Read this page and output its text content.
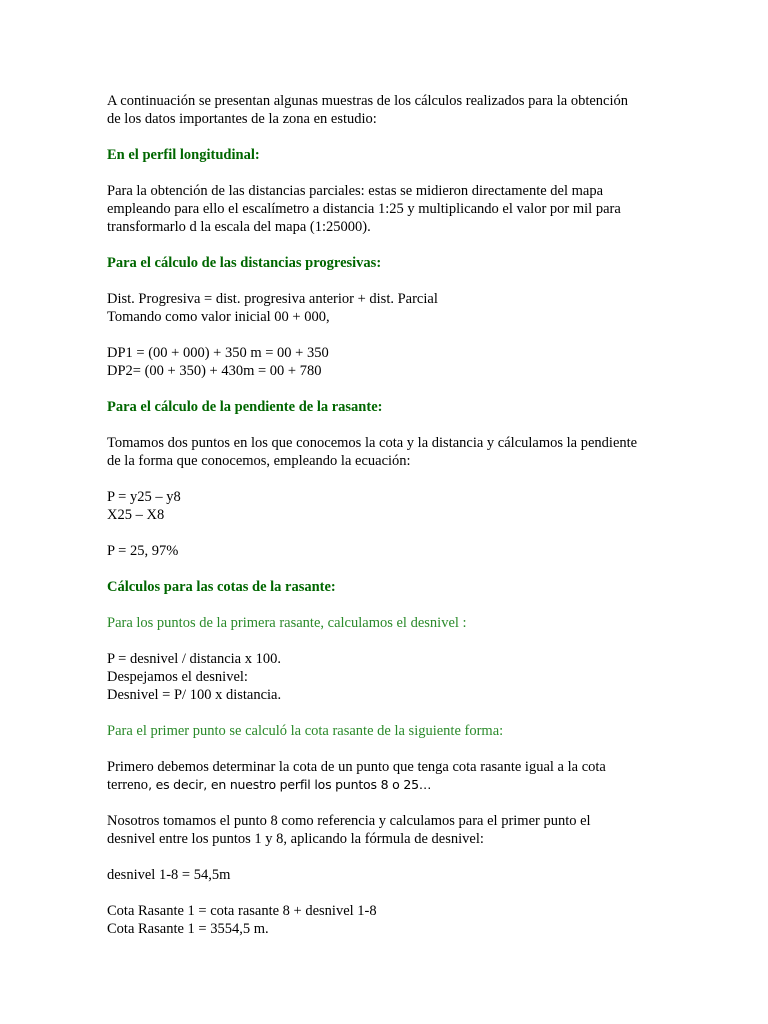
A continuación se presentan algunas muestras de los cálculos realizados para la obtención

de los datos importantes de la zona en estudio:

En el perfil longitudinal:

Para la obtención de las distancias parciales: estas se midieron directamente del mapa

empleando para ello el escalímetro a distancia 1:25 y multiplicando el valor por mil para

transformarlo d la escala del mapa (1:25000).

Para el cálculo de las distancias progresivas:

Dist. Progresiva = dist. progresiva anterior + dist. Parcial

Tomando como valor inicial 00 + 000,

DP1 = (00 + 000) + 350 m = 00 + 350

DP2= (00 + 350) + 430m = 00 + 780

Para el cálculo de la pendiente de la rasante:

Tomamos dos puntos en los que conocemos la cota y la distancia y cálculamos la pendiente

de la forma que conocemos, empleando la ecuación:

P = y25 – y8

X25 – X8

P = 25, 97%

Cálculos para las cotas de la rasante:

Para los puntos de la primera rasante, calculamos el desnivel :

P = desnivel / distancia x 100.

Despejamos el desnivel:

Desnivel = P/ 100 x distancia.

Para el primer punto se calculó la cota rasante de la siguiente forma:

Primero debemos determinar la cota de un punto que tenga cota rasante igual a la cota

terreno, es decir, en nuestro perfil los puntos 8 o 25…

Nosotros tomamos el punto 8 como referencia y calculamos para el primer punto el

desnivel entre los puntos 1 y 8, aplicando la fórmula de desnivel:

desnivel 1-8 = 54,5m

Cota Rasante 1 = cota rasante 8 + desnivel 1-8

Cota Rasante 1 = 3554,5 m.
